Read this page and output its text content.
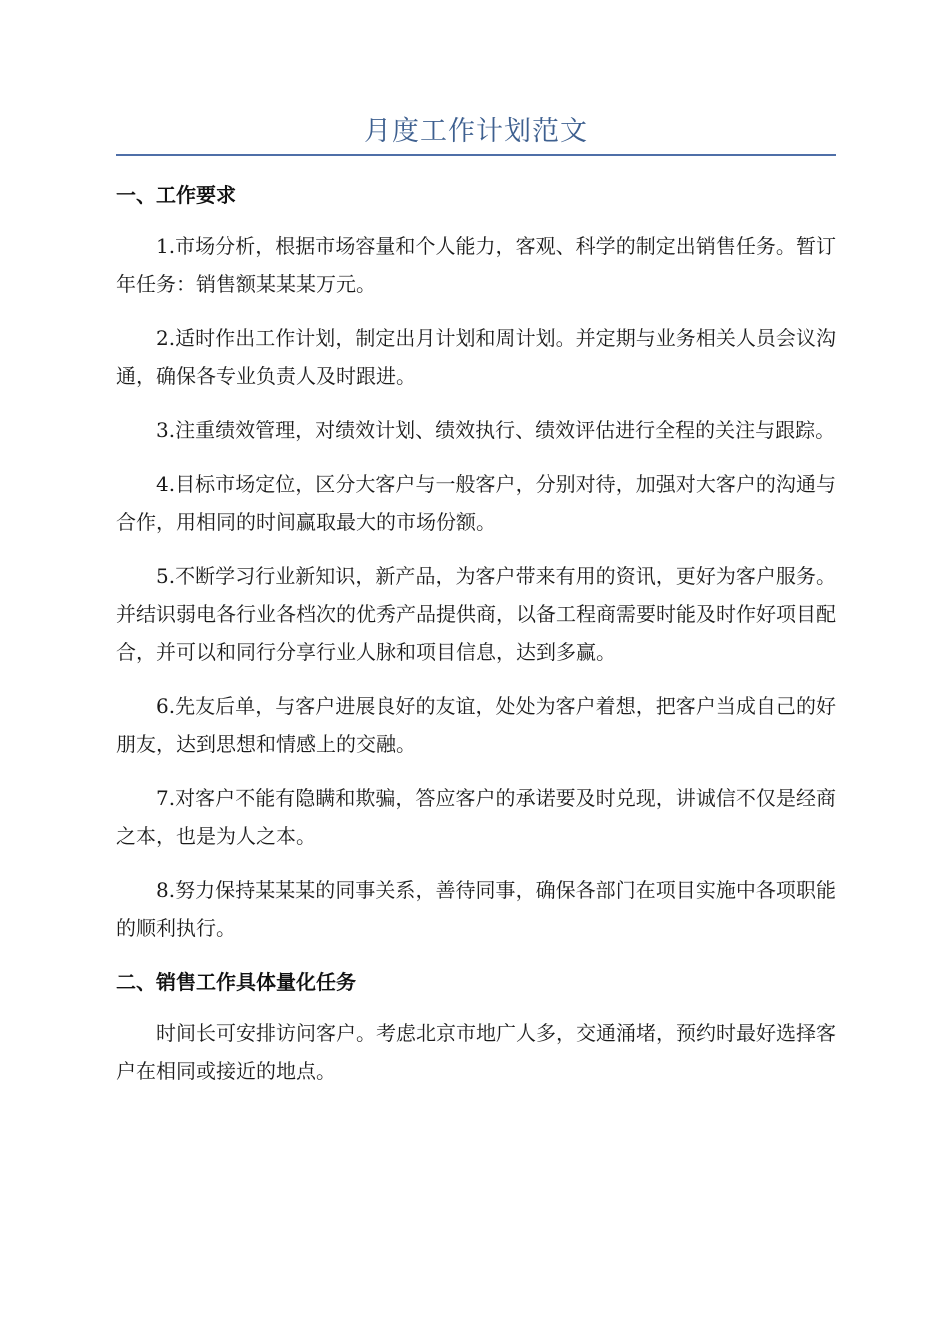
月度工作计划范文
一、工作要求

1.市场分析，根据市场容量和个人能力，客观、科学的制定出销售任务。暂订年任务：销售额某某某万元。

2.适时作出工作计划，制定出月计划和周计划。并定期与业务相关人员会议沟通，确保各专业负责人及时跟进。

3.注重绩效管理，对绩效计划、绩效执行、绩效评估进行全程的关注与跟踪。

4.目标市场定位，区分大客户与一般客户，分别对待，加强对大客户的沟通与合作，用相同的时间赢取最大的市场份额。

5.不断学习行业新知识，新产品，为客户带来有用的资讯，更好为客户服务。并结识弱电各行业各档次的优秀产品提供商，以备工程商需要时能及时作好项目配合，并可以和同行分享行业人脉和项目信息，达到多赢。

6.先友后单，与客户进展良好的友谊，处处为客户着想，把客户当成自己的好朋友，达到思想和情感上的交融。

7.对客户不能有隐瞒和欺骗，答应客户的承诺要及时兑现，讲诚信不仅是经商之本，也是为人之本。

8.努力保持某某某的同事关系，善待同事，确保各部门在项目实施中各项职能的顺利执行。

二、销售工作具体量化任务

时间长可安排访问客户。考虑北京市地广人多，交通涌堵，预约时最好选择客户在相同或接近的地点。
